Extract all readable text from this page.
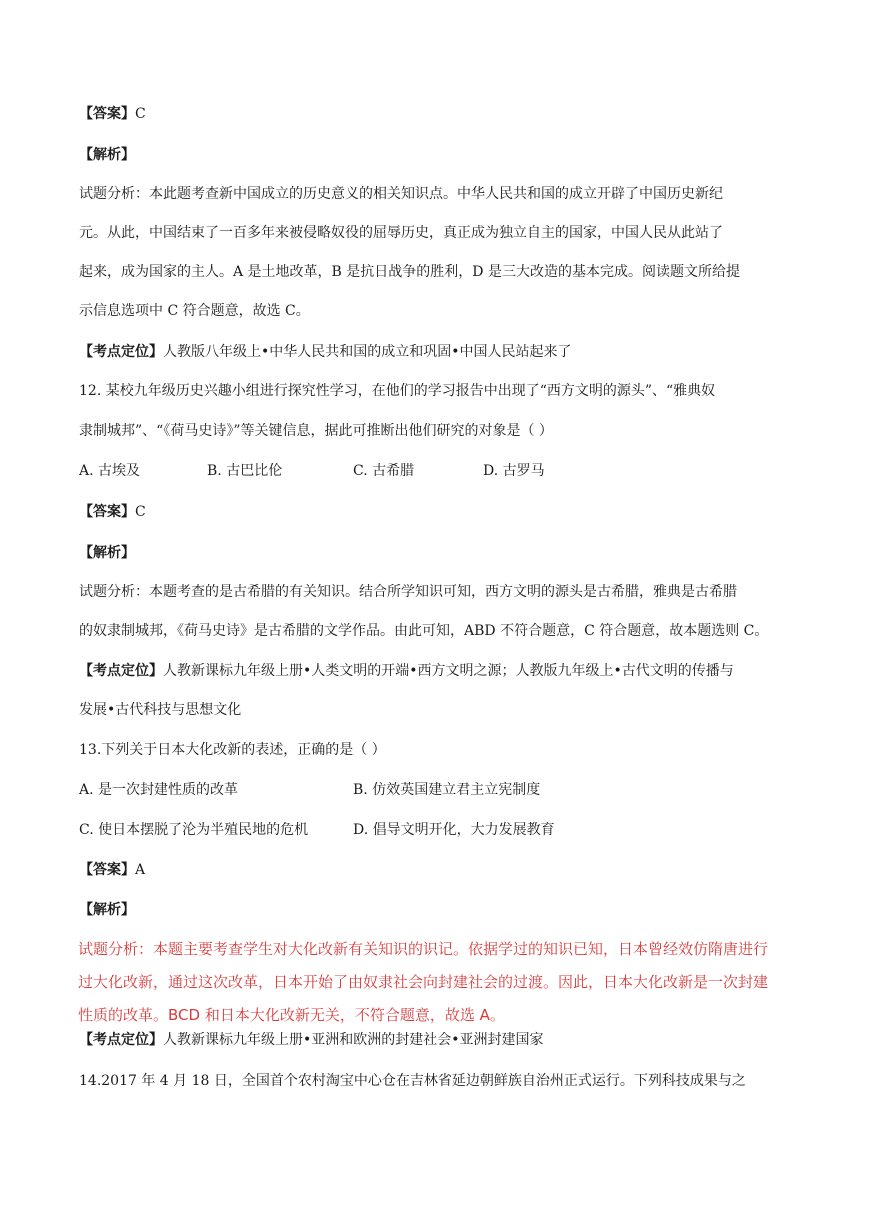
【答案】C
【解析】
试题分析：本此题考查新中国成立的历史意义的相关知识点。中华人民共和国的成立开辟了中国历史新纪
元。从此，中国结束了一百多年来被侵略奴役的屈辱历史，真正成为独立自主的国家，中国人民从此站了
起来，成为国家的主人。A 是土地改革，B 是抗日战争的胜利，D 是三大改造的基本完成。阅读题文所给提
示信息选项中 C 符合题意，故选 C。
【考点定位】人教版八年级上•中华人民共和国的成立和巩固•中国人民站起来了
12. 某校九年级历史兴趣小组进行探究性学习，在他们的学习报告中出现了“西方文明的源头”、“雅典奴
隶制城邦”、“《荷马史诗》”等关键信息，据此可推断出他们研究的对象是（ ）
A. 古埃及	B. 古巴比伦	C. 古希腊	D. 古罗马
【答案】C
【解析】
试题分析：本题考查的是古希腊的有关知识。结合所学知识可知，西方文明的源头是古希腊，雅典是古希腊
的奴隶制城邦，《荷马史诗》是古希腊的文学作品。由此可知，ABD 不符合题意，C 符合题意，故本题选则 C。
【考点定位】人教新课标九年级上册•人类文明的开端•西方文明之源；人教版九年级上•古代文明的传播与
发展•古代科技与思想文化
13.下列关于日本大化改新的表述，正确的是（ ）
A. 是一次封建性质的改革	B. 仿效英国建立君主立宪制度
C. 使日本摆脱了沦为半殖民地的危机	D. 倡导文明开化，大力发展教育
【答案】A
【解析】
试题分析：本题主要考查学生对大化改新有关知识的识记。依据学过的知识已知，日本曾经效仿隋唐进行
过大化改新，通过这次改革，日本开始了由奴隶社会向封建社会的过渡。因此，日本大化改新是一次封建
性质的改革。BCD 和日本大化改新无关，不符合题意，故选 A。
【考点定位】人教新课标九年级上册•亚洲和欧洲的封建社会•亚洲封建国家
14.2017 年 4 月 18 日，全国首个农村淘宝中心仓在吉林省延边朝鲜族自治州正式运行。下列科技成果与之
